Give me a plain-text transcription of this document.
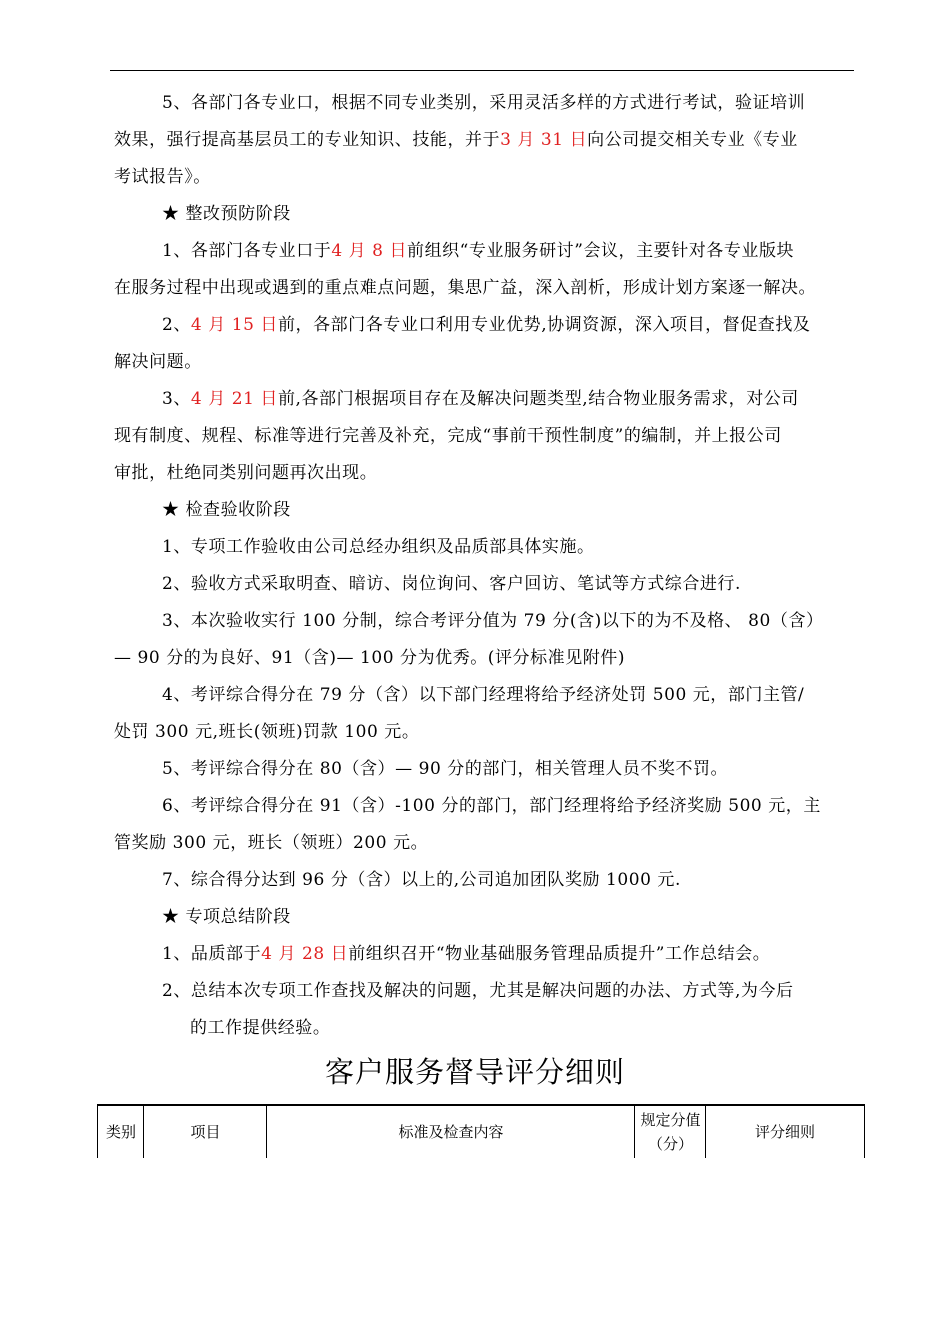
5、各部门各专业口，根据不同专业类别，采用灵活多样的方式进行考试，验证培训
效果，强行提高基层员工的专业知识、技能，并于3 月 31 日向公司提交相关专业《专业
考试报告》。
★ 整改预防阶段
1、各部门各专业口于4 月 8 日前组织“专业服务研讨”会议，主要针对各专业版块
在服务过程中出现或遇到的重点难点问题，集思广益，深入剖析，形成计划方案逐一解决。
2、4 月 15 日前，各部门各专业口利用专业优势,协调资源，深入项目，督促查找及
解决问题。
3、4 月 21 日前,各部门根据项目存在及解决问题类型,结合物业服务需求，对公司
现有制度、规程、标准等进行完善及补充，完成“事前干预性制度”的编制，并上报公司
审批，杜绝同类别问题再次出现。
★ 检查验收阶段
1、专项工作验收由公司总经办组织及品质部具体实施。
2、验收方式采取明查、暗访、岗位询问、客户回访、笔试等方式综合进行.
3、本次验收实行 100 分制，综合考评分值为 79 分(含)以下的为不及格、 80（含）
— 90 分的为良好、91（含)— 100 分为优秀。(评分标准见附件)
4、考评综合得分在 79 分（含）以下部门经理将给予经济处罚 500 元，部门主管/
处罚 300 元,班长(领班)罚款 100 元。
5、考评综合得分在 80（含）— 90 分的部门，相关管理人员不奖不罚。
6、考评综合得分在 91（含）-100 分的部门，部门经理将给予经济奖励 500 元，主
管奖励 300 元，班长（领班）200 元。
7、综合得分达到 96 分（含）以上的,公司追加团队奖励 1000 元.
★ 专项总结阶段
1、品质部于4 月 28 日前组织召开“物业基础服务管理品质提升”工作总结会。
2、总结本次专项工作查找及解决的问题，尤其是解决问题的办法、方式等,为今后
的工作提供经验。
客户服务督导评分细则
类别	项目	标准及检查内容
规定分值
（分）
评分细则
